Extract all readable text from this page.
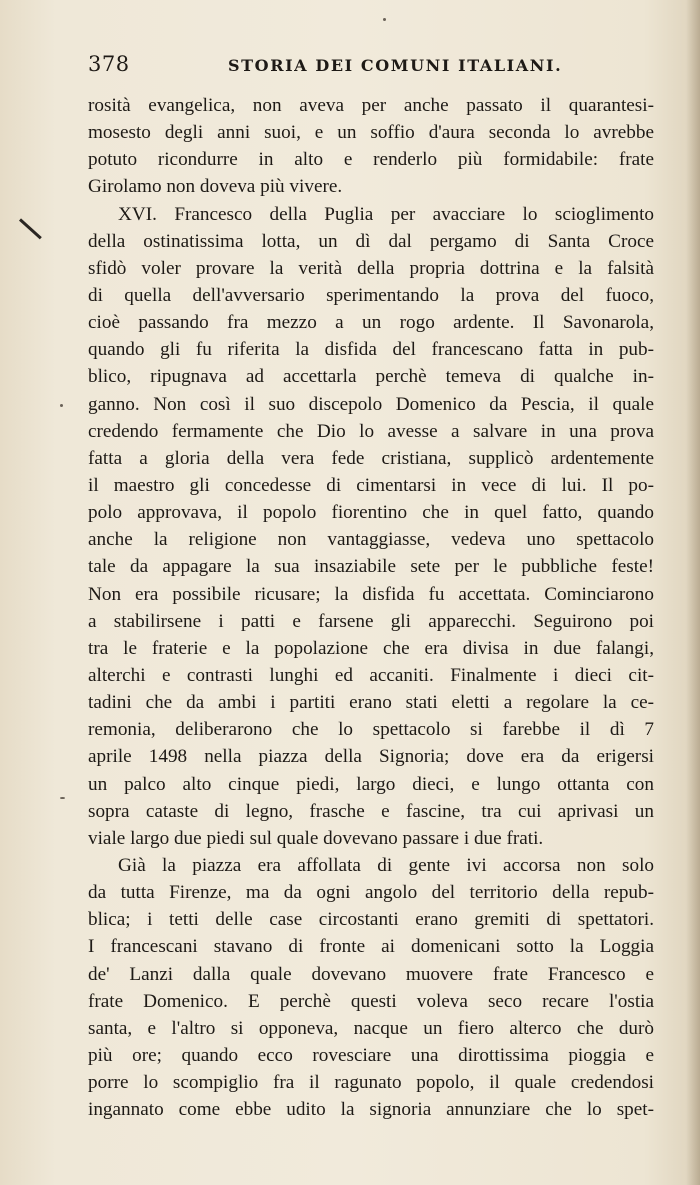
378	STORIA DEI COMUNI ITALIANI.
rosità evangelica, non aveva per anche passato il quarantesi-
mosesto degli anni suoi, e un soffio d'aura seconda lo avrebbe
potuto ricondurre in alto e renderlo più formidabile: frate
Girolamo non doveva più vivere.
XVI. Francesco della Puglia per avacciare lo scioglimento
della ostinatissima lotta, un dì dal pergamo di Santa Croce
sfidò voler provare la verità della propria dottrina e la falsità
di quella dell'avversario sperimentando la prova del fuoco,
cioè passando fra mezzo a un rogo ardente. Il Savonarola,
quando gli fu riferita la disfida del francescano fatta in pub-
blico, ripugnava ad accettarla perchè temeva di qualche in-
ganno. Non così il suo discepolo Domenico da Pescia, il quale
credendo fermamente che Dio lo avesse a salvare in una prova
fatta a gloria della vera fede cristiana, supplicò ardentemente
il maestro gli concedesse di cimentarsi in vece di lui. Il po-
polo approvava, il popolo fiorentino che in quel fatto, quando
anche la religione non vantaggiasse, vedeva uno spettacolo
tale da appagare la sua insaziabile sete per le pubbliche feste!
Non era possibile ricusare; la disfida fu accettata. Cominciarono
a stabilirsene i patti e farsene gli apparecchi. Seguirono poi
tra le fraterie e la popolazione che era divisa in due falangi,
alterchi e contrasti lunghi ed accaniti. Finalmente i dieci cit-
tadini che da ambi i partiti erano stati eletti a regolare la ce-
remonia, deliberarono che lo spettacolo si farebbe il dì 7
aprile 1498 nella piazza della Signoria; dove era da erigersi
un palco alto cinque piedi, largo dieci, e lungo ottanta con
sopra cataste di legno, frasche e fascine, tra cui aprivasi un
viale largo due piedi sul quale dovevano passare i due frati.
Già la piazza era affollata di gente ivi accorsa non solo
da tutta Firenze, ma da ogni angolo del territorio della repub-
blica; i tetti delle case circostanti erano gremiti di spettatori.
I francescani stavano di fronte ai domenicani sotto la Loggia
de' Lanzi dalla quale dovevano muovere frate Francesco e
frate Domenico. E perchè questi voleva seco recare l'ostia
santa, e l'altro si opponeva, nacque un fiero alterco che durò
più ore; quando ecco rovesciare una dirottissima pioggia e
porre lo scompiglio fra il ragunato popolo, il quale credendosi
ingannato come ebbe udito la signoria annunziare che lo spet-
